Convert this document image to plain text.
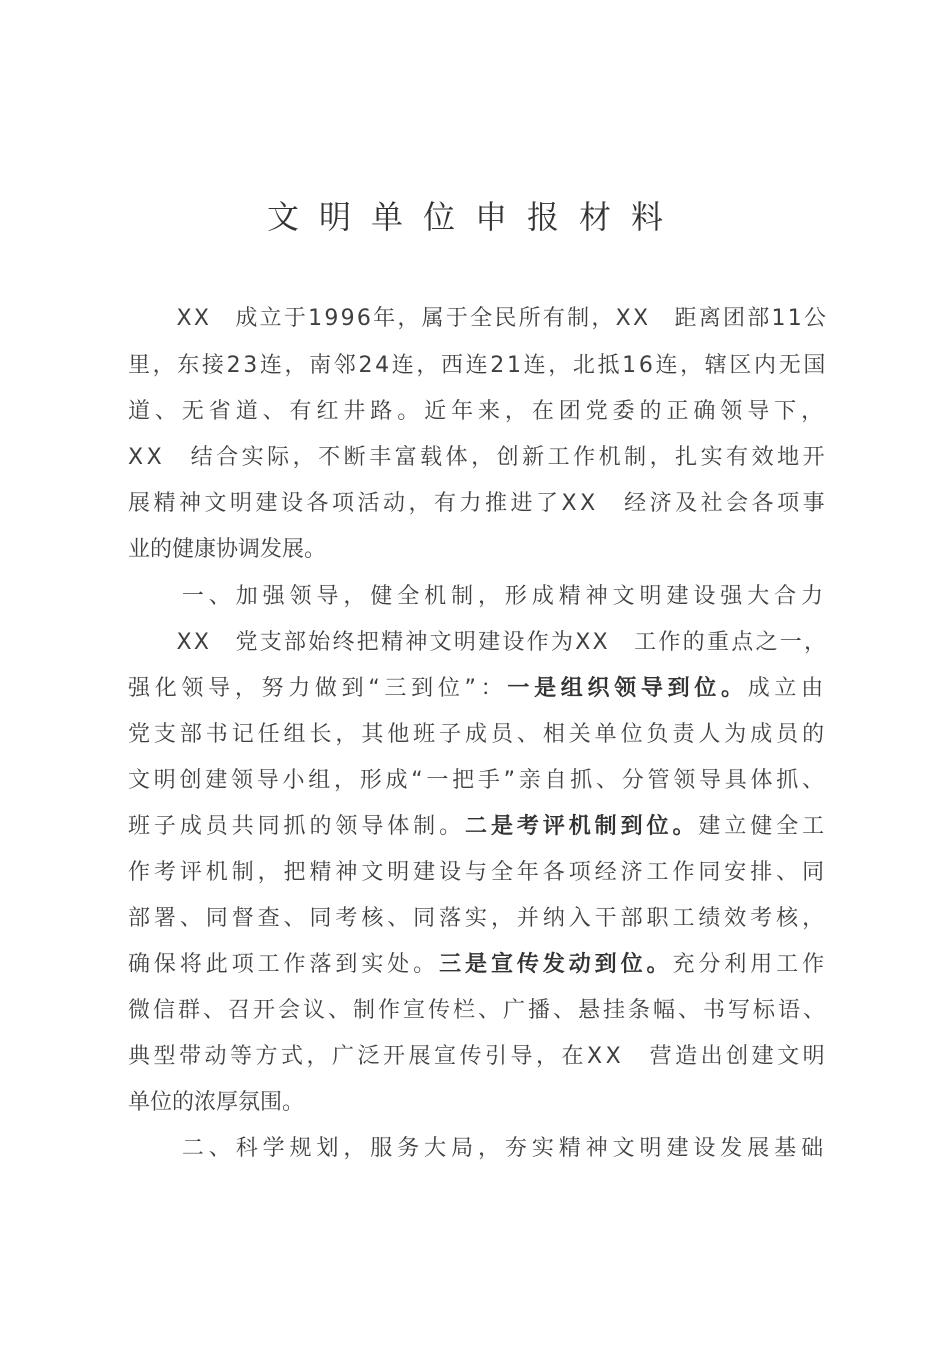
文明单位申报材料
　　XX　成立于1996年，属于全民所有制，XX　距离团部11公
里，东接23连，南邻24连，西连21连，北抵16连，辖区内无国
道、无省道、有红井路。近年来，在团党委的正确领导下，
XX　结合实际，不断丰富载体，创新工作机制，扎实有效地开
展精神文明建设各项活动，有力推进了XX　经济及社会各项事
业的健康协调发展。
　　一、加强领导，健全机制，形成精神文明建设强大合力
　　XX　党支部始终把精神文明建设作为XX　工作的重点之一，
强化领导，努力做到“三到位”：一是组织领导到位。成立由
党支部书记任组长，其他班子成员、相关单位负责人为成员的
文明创建领导小组，形成“一把手”亲自抓、分管领导具体抓、
班子成员共同抓的领导体制。二是考评机制到位。建立健全工
作考评机制，把精神文明建设与全年各项经济工作同安排、同
部署、同督查、同考核、同落实，并纳入干部职工绩效考核，
确保将此项工作落到实处。三是宣传发动到位。充分利用工作
微信群、召开会议、制作宣传栏、广播、悬挂条幅、书写标语、
典型带动等方式，广泛开展宣传引导，在XX　营造出创建文明
单位的浓厚氛围。
　　二、科学规划，服务大局，夯实精神文明建设发展基础
